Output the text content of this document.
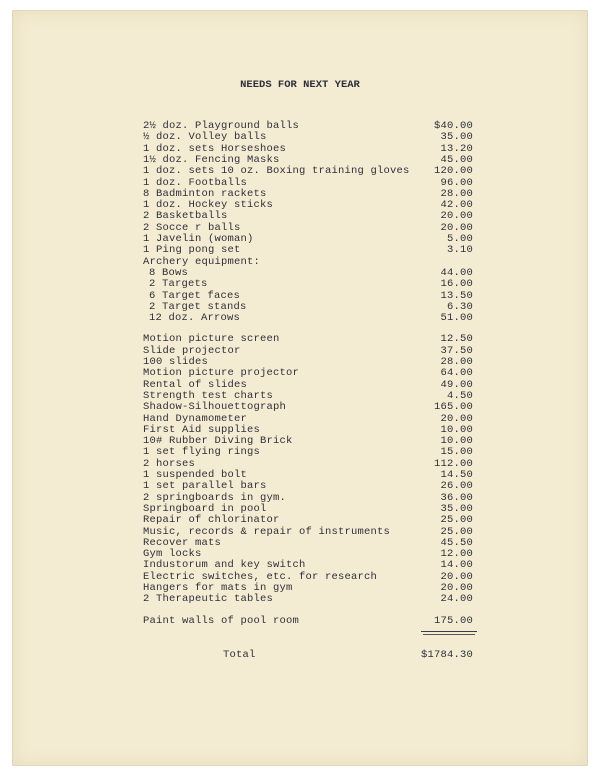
NEEDS FOR NEXT YEAR
2½ doz. Playground balls	$40.00
½ doz. Volley balls	35.00
1 doz. sets Horseshoes	13.20
1½ doz. Fencing Masks	45.00
1 doz. sets 10 oz. Boxing training gloves 120.00
1 doz. Footballs	96.00
8 Badminton rackets	28.00
1 doz. Hockey sticks	42.00
2 Basketballs	20.00
2 Socce r balls	20.00
1 Javelin (woman)	5.00
1 Ping pong set	3.10
Archery equipment:
8 Bows	44.00
2 Targets	16.00
6 Target faces	13.50
2 Target stands	6.30
12 doz. Arrows	51.00
Motion picture screen	12.50
Slide projector	37.50
100 slides	28.00
Motion picture projector	64.00
Rental of slides	49.00
Strength test charts	4.50
Shadow-Silhouettograph	165.00
Hand Dynamometer	20.00
First Aid supplies	10.00
10# Rubber Diving Brick	10.00
1 set flying rings	15.00
2 horses	112.00
1 suspended bolt	14.50
1 set parallel bars	26.00
2 springboards in gym.	36.00
Springboard in pool	35.00
Repair of chlorinator	25.00
Music, records & repair of instruments	25.00
Recover mats	45.50
Gym locks	12.00
Industorum and key switch	14.00
Electric switches, etc. for research	20.00
Hangers for mats in gym	20.00
2 Therapeutic tables	24.00
Paint walls of pool room	175.00
Total	$1784.30
